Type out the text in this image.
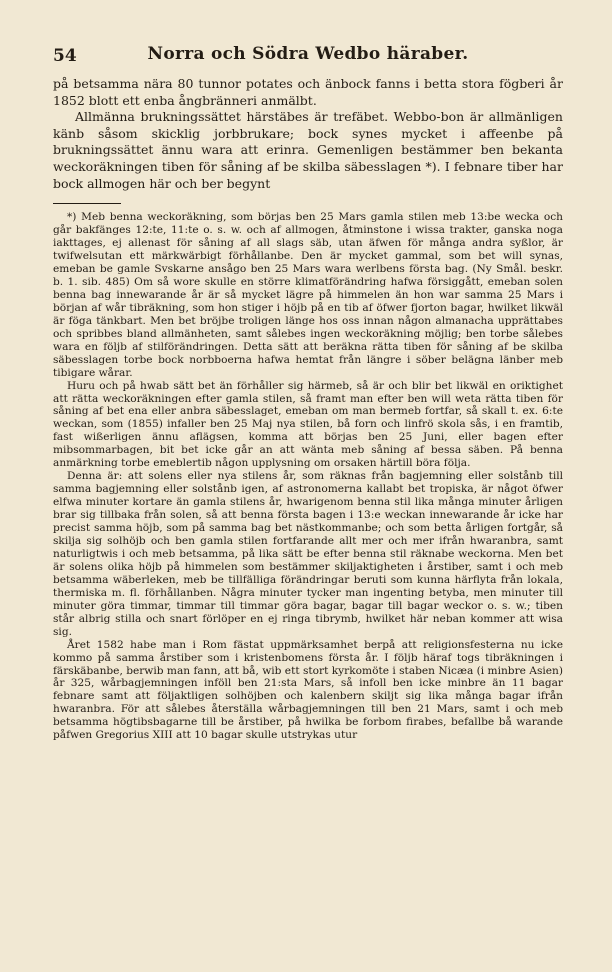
54	Norra och Södra Wedbo häraber.

på betsamma nära 80 tunnor potates och änbock fanns i betta stora fögberi år 1852 blott ett enba ångbränneri anmälbt.

Allmänna brukningssättet härstäbes är trefäbet. Webbo-bon är allmänligen känb såsom skicklig jorbbrukare; bock synes mycket i affeenbe på brukningssättet ännu wara att erinra. Gemenligen bestämmer ben bekanta weckoräkningen tiben för såning af be skilba säbesslagen *). I febnare tiber har bock allmogen här och ber begynt

*) Meb benna weckoräkning, som börjas ben 25 Mars gamla stilen meb 13:be wecka och går bakfänges 12:te, 11:te o. s. w. och af allmogen, åtminstone i wissa trakter, ganska noga iakttages, ej allenast för såning af all slags säb, utan äfwen för många andra syßlor, är twifwelsutan ett märkwärbigt förhållanbe. Den är mycket gammal, som bet will synas, emeban be gamle Svskarne ansågo ben 25 Mars wara werlbens första bag. (Ny Smål. beskr. b. 1. sib. 485) Om så wore skulle en större klimatförändring hafwa försiggått, emeban solen benna bag innewarande år är så mycket lägre på himmelen än hon war samma 25 Mars i början af wår tibräkning, som hon stiger i höjb på en tib af öfwer fjorton bagar, hwilket likwäl är föga tänkbart. Men bet bröjbe troligen länge hos oss innan någon almanacha upprättabes och spribbes bland allmänheten, samt sålebes ingen weckoräkning möjlig; ben torbe sålebes wara en följb af stilförändringen. Detta sätt att beräkna rätta tiben för såning af be skilba säbesslagen torbe bock norbboerna hafwa hemtat från längre i söber belägna länber meb tibigare wårar.

Huru och på hwab sätt bet än förhåller sig härmeb, så är och blir bet likwäl en oriktighet att rätta weckoräkningen efter gamla stilen, så framt man efter ben will weta rätta tiben för såning af bet ena eller anbra säbesslaget, emeban om man bermeb fortfar, så skall t. ex. 6:te weckan, som (1855) infaller ben 25 Maj nya stilen, bå forn och linfrö skola sås, i en framtib, fast wißerligen ännu aflägsen, komma att börjas ben 25 Juni, eller bagen efter mibsommarbagen, bit bet icke går an att wänta meb såning af bessa säben. På benna anmärkning torbe emeblertib någon upplysning om orsaken härtill böra följa.

Denna är: att solens eller nya stilens år, som räknas från bagjemning eller solstånb till samma bagjemning eller solstånb igen, af astronomerna kallabt bet tropiska, är något öfwer elfwa minuter kortare än gamla stilens år, hwarigenom benna stil lika många minuter årligen brar sig tillbaka från solen, så att benna första bagen i 13:e weckan innewarande år icke har precist samma höjb, som på samma bag bet nästkommanbe; och som betta årligen fortgår, så skilja sig solhöjb och ben gamla stilen fortfarande allt mer och mer ifrån hwaranbra, samt naturligtwis i och meb betsamma, på lika sätt be efter benna stil räknabe weckorna. Men bet är solens olika höjb på himmelen som bestämmer skiljaktigheten i årstiber, samt i och meb betsamma wäberleken, meb be tillfälliga förändringar beruti som kunna härflyta från lokala, thermiska m. fl. förhållanben. Några minuter tycker man ingenting betyba, men minuter till minuter göra timmar, timmar till timmar göra bagar, bagar till bagar weckor o. s. w.; tiben står albrig stilla och snart förlöper en ej ringa tibrymb, hwilket här neban kommer att wisa sig.

Året 1582 habe man i Rom fästat uppmärksamhet berpå att religionsfesterna nu icke kommo på samma årstiber som i kristenbomens första år. I följb häraf togs tibräkningen i färskäbanbe, berwib man fann, att bå, wib ett stort kyrkomöte i staben Nicæa (i minbre Asien) år 325, wårbagjemningen inföll ben 21:sta Mars, så infoll ben icke minbre än 11 bagar febnare samt att följaktligen solhöjben och kalenbern skiljt sig lika många bagar ifrån hwaranbra. För att sålebes återställa wårbagjemningen till ben 21 Mars, samt i och meb betsamma högtibsbagarne till be årstiber, på hwilka be forbom firabes, befallbe bå warande påfwen Gregorius XIII att 10 bagar skulle utstrykas utur
